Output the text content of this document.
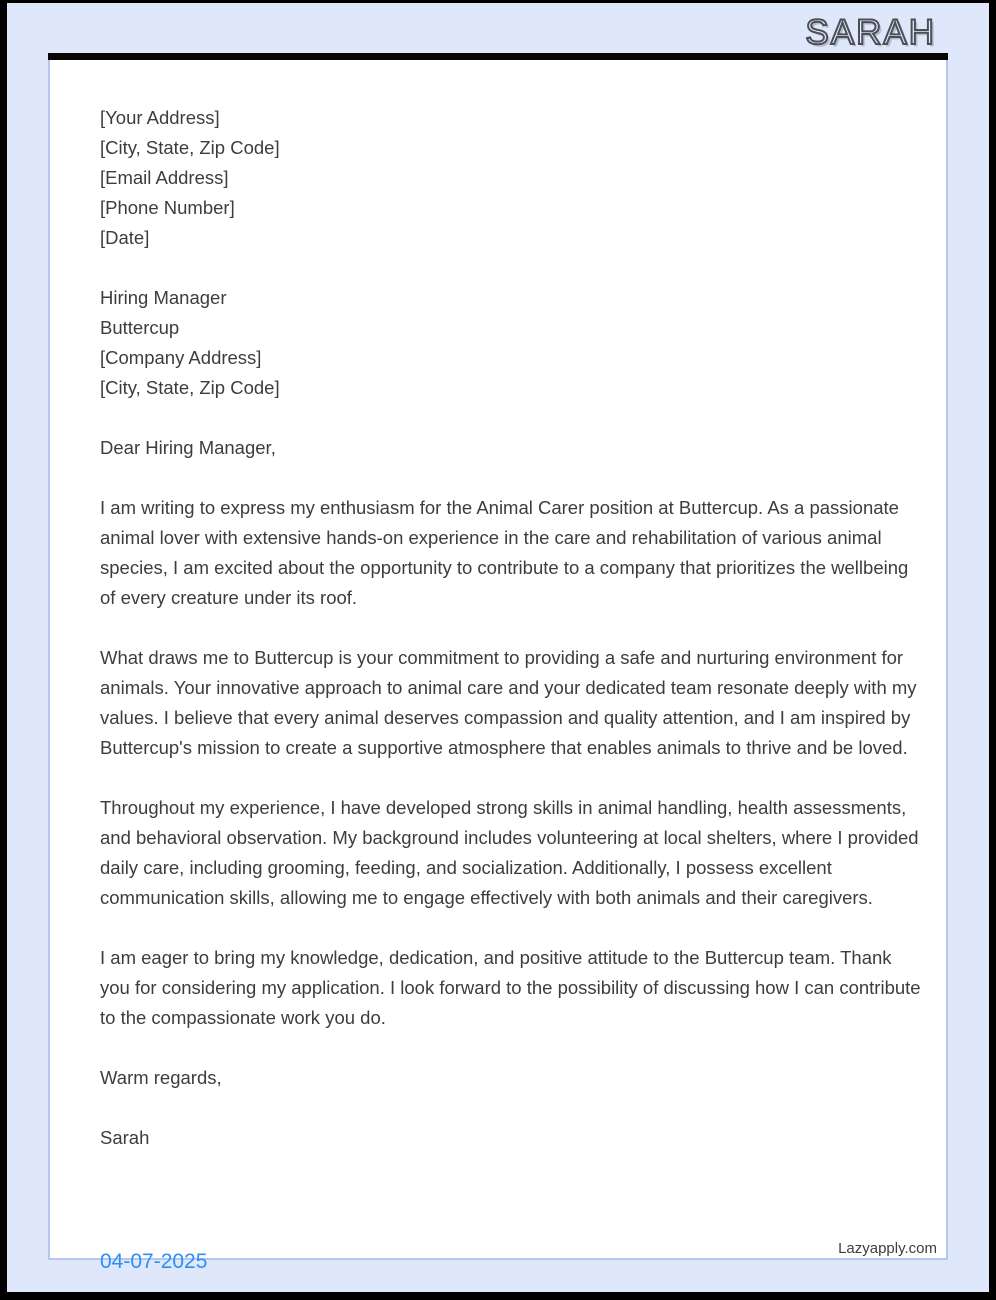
SARAH
[Your Address]
[City, State, Zip Code]
[Email Address]
[Phone Number]
[Date]
Hiring Manager
Buttercup
[Company Address]
[City, State, Zip Code]
Dear Hiring Manager,

I am writing to express my enthusiasm for the Animal Carer position at Buttercup. As a passionate animal lover with extensive hands-on experience in the care and rehabilitation of various animal species, I am excited about the opportunity to contribute to a company that prioritizes the wellbeing of every creature under its roof.

What draws me to Buttercup is your commitment to providing a safe and nurturing environment for animals. Your innovative approach to animal care and your dedicated team resonate deeply with my values. I believe that every animal deserves compassion and quality attention, and I am inspired by Buttercup's mission to create a supportive atmosphere that enables animals to thrive and be loved.

Throughout my experience, I have developed strong skills in animal handling, health assessments, and behavioral observation. My background includes volunteering at local shelters, where I provided daily care, including grooming, feeding, and socialization. Additionally, I possess excellent communication skills, allowing me to engage effectively with both animals and their caregivers.

I am eager to bring my knowledge, dedication, and positive attitude to the Buttercup team. Thank you for considering my application. I look forward to the possibility of discussing how I can contribute to the compassionate work you do.

Warm regards,
Sarah
04-07-2025
Lazyapply.com
